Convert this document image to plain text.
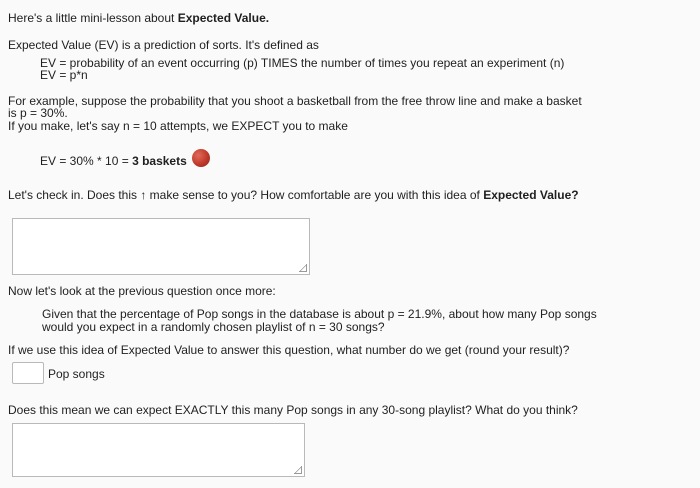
Here's a little mini-lesson about Expected Value.
Expected Value (EV) is a prediction of sorts. It's defined as
EV = probability of an event occurring (p) TIMES the number of times you repeat an experiment (n)
EV = p*n
For example, suppose the probability that you shoot a basketball from the free throw line and make a basket
is p = 30%.
If you make, let's say n = 10 attempts, we EXPECT you to make
EV = 30% * 10 = 3 baskets
Let's check in. Does this ↑ make sense to you? How comfortable are you with this idea of Expected Value?
Now let's look at the previous question once more:
Given that the percentage of Pop songs in the database is about p = 21.9%, about how many Pop songs
would you expect in a randomly chosen playlist of n = 30 songs?
If we use this idea of Expected Value to answer this question, what number do we get (round your result)?
Pop songs
Does this mean we can expect EXACTLY this many Pop songs in any 30-song playlist? What do you think?
